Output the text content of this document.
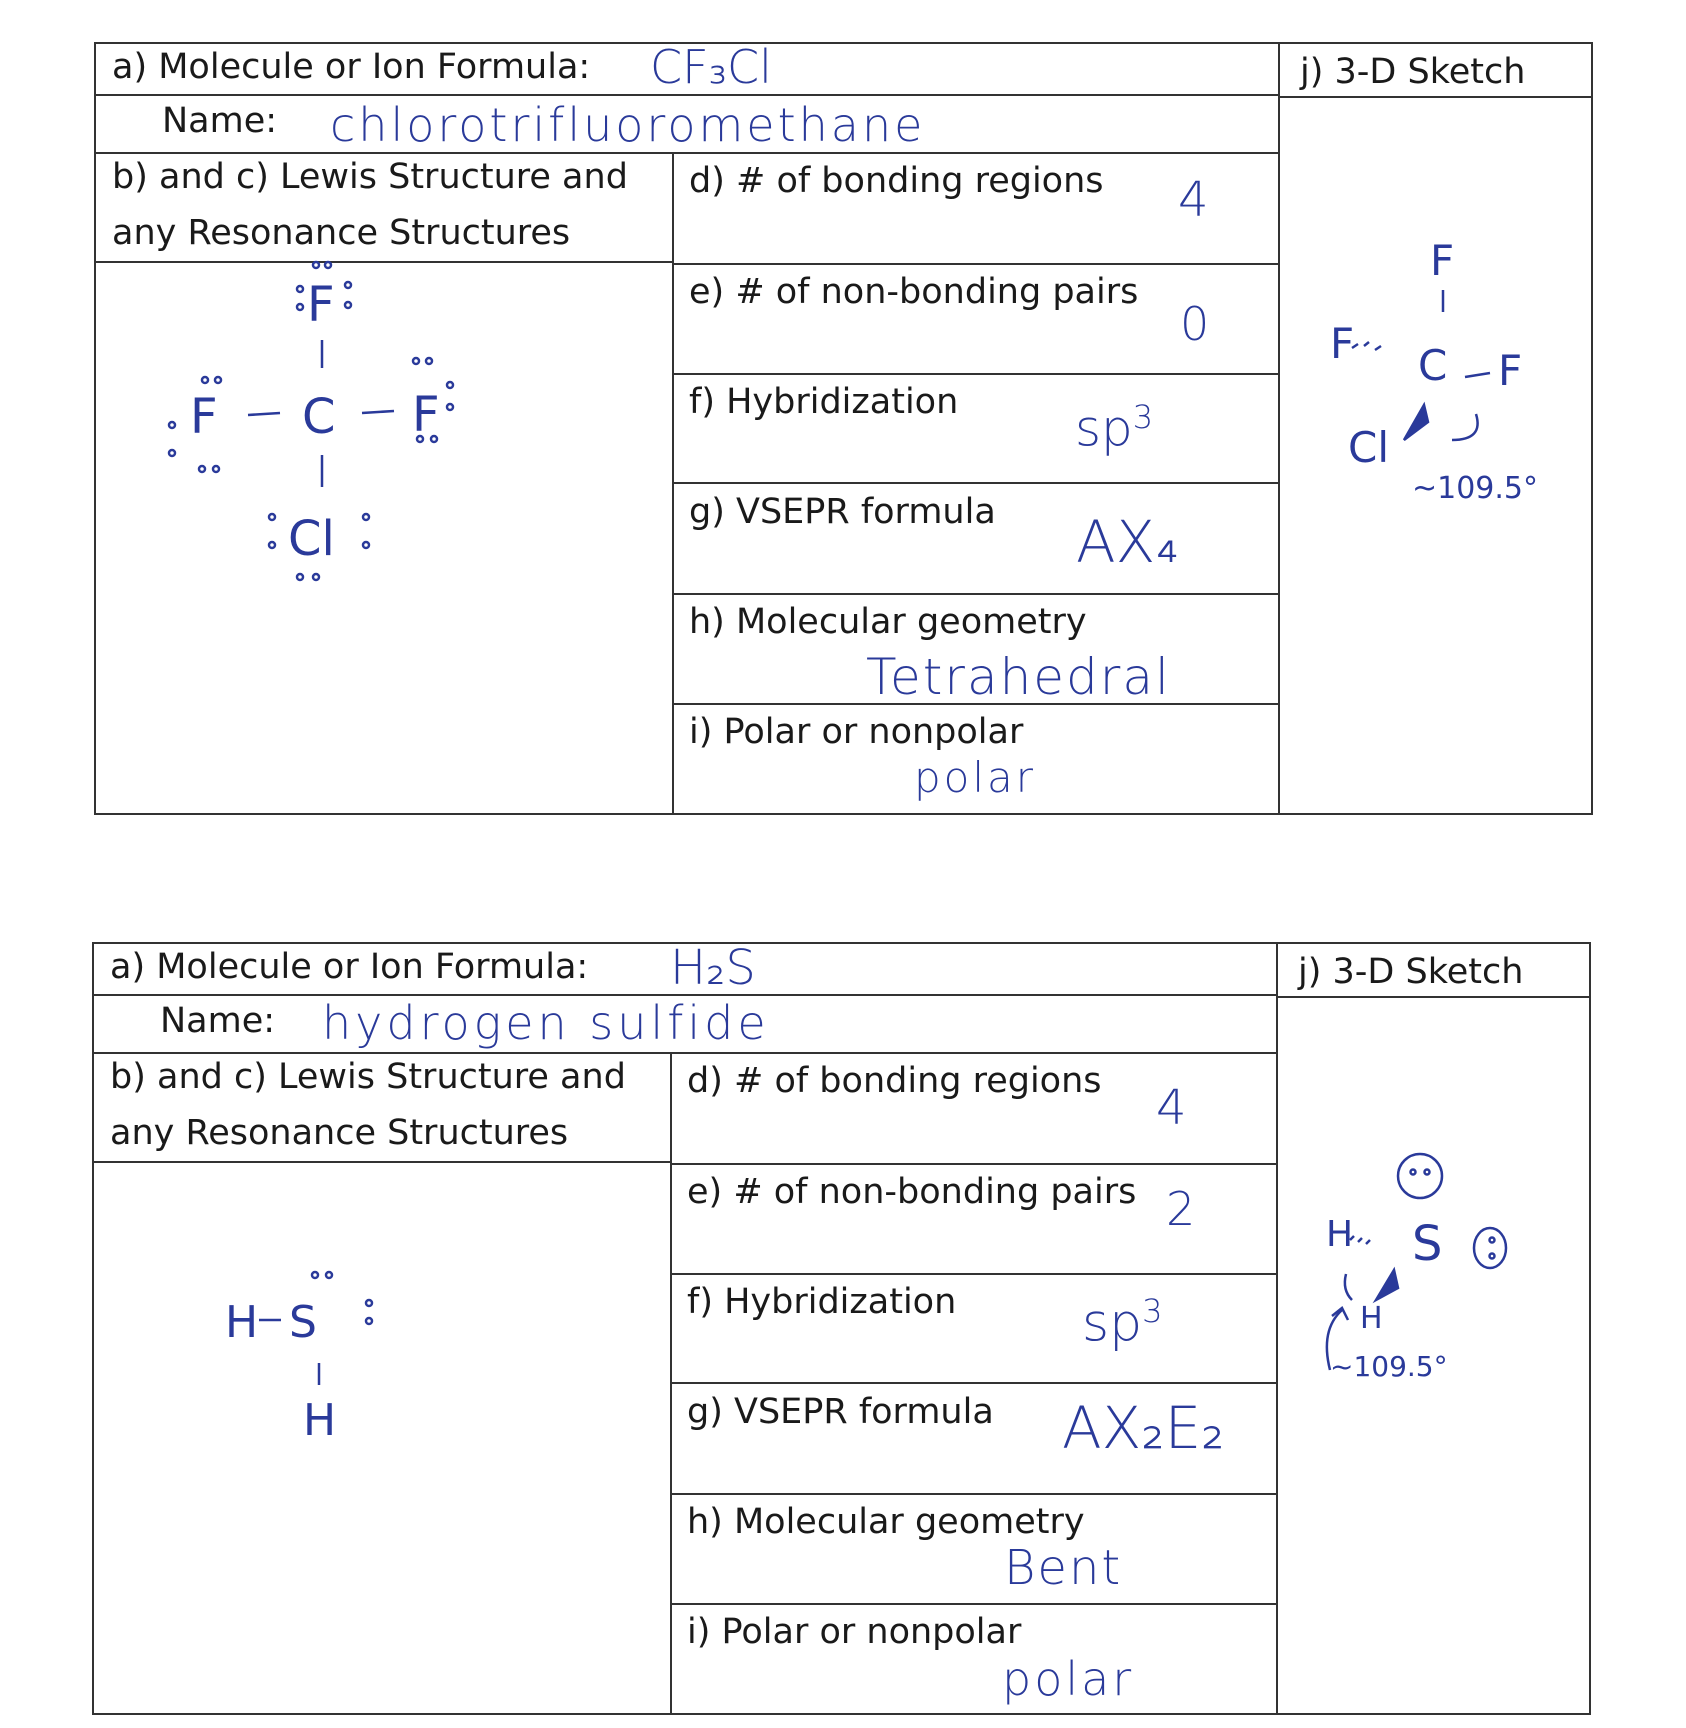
a) Molecule or Ion Formula: CF₃Cl
Name: chlorotrifluoromethane
j) 3-D Sketch
b) and c) Lewis Structure and
any Resonance Structures
d) # of bonding regions 4
e) # of non-bonding pairs
0
f) Hybridization $sp^3$
g) VSEPR formula AX₄
h) Molecular geometry
Tetrahedral
i) Polar or nonpolar
polar
F
F C F
Cl
F
F C F
Cl
~109.5°
a) Molecule or Ion Formula: H₂S
Name: hydrogen sulfide
j) 3-D Sketch
b) and c) Lewis Structure and
any Resonance Structures
d) # of bonding regions 4
e) # of non-bonding pairs 2
f) Hybridization $sp^3$
g) VSEPR formula AX₂E₂
h) Molecular geometry
Bent
i) Polar or nonpolar
polar
H S
H
H S
H
~109.5°
